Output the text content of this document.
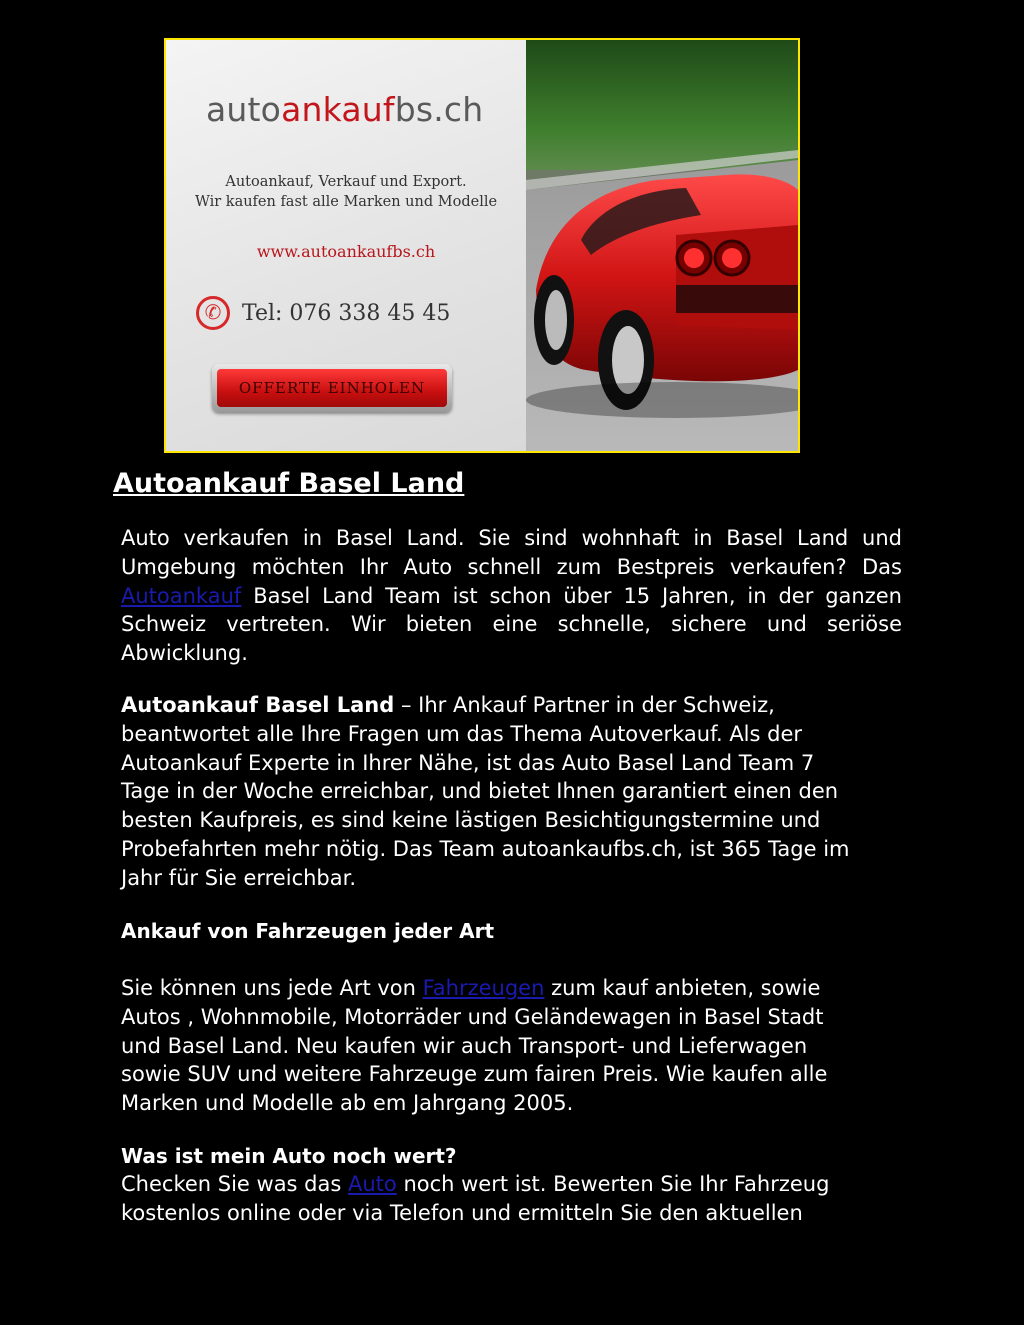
autoankaufbs.ch
Autoankauf, Verkauf und Export.
Wir kaufen fast alle Marken und Modelle
www.autoankaufbs.ch
✆ Tel: 076 338 45 45
OFFERTE EINHOLEN
Autoankauf Basel Land

Auto verkaufen in Basel Land. Sie sind wohnhaft in Basel Land und Umgebung möchten Ihr Auto schnell zum Bestpreis verkaufen? Das Autoankauf Basel Land Team ist schon über 15 Jahren, in der ganzen Schweiz vertreten. Wir bieten eine schnelle, sichere und seriöse Abwicklung.

Autoankauf Basel Land – Ihr Ankauf Partner in der Schweiz,
beantwortet alle Ihre Fragen um das Thema Autoverkauf. Als der
Autoankauf Experte in Ihrer Nähe, ist das Auto Basel Land Team 7
Tage in der Woche erreichbar, und bietet Ihnen garantiert einen den
besten Kaufpreis, es sind keine lästigen Besichtigungstermine und
Probefahrten mehr nötig. Das Team autoankaufbs.ch, ist 365 Tage im
Jahr für Sie erreichbar.
Ankauf von Fahrzeugen jeder Art
Sie können uns jede Art von Fahrzeugen zum kauf anbieten, sowie
Autos , Wohnmobile, Motorräder und Geländewagen in Basel Stadt
und Basel Land. Neu kaufen wir auch Transport- und Lieferwagen
sowie SUV und weitere Fahrzeuge zum fairen Preis. Wie kaufen alle
Marken und Modelle ab em Jahrgang 2005.
Was ist mein Auto noch wert?
Checken Sie was das Auto noch wert ist. Bewerten Sie Ihr Fahrzeug
kostenlos online oder via Telefon und ermitteln Sie den aktuellen
